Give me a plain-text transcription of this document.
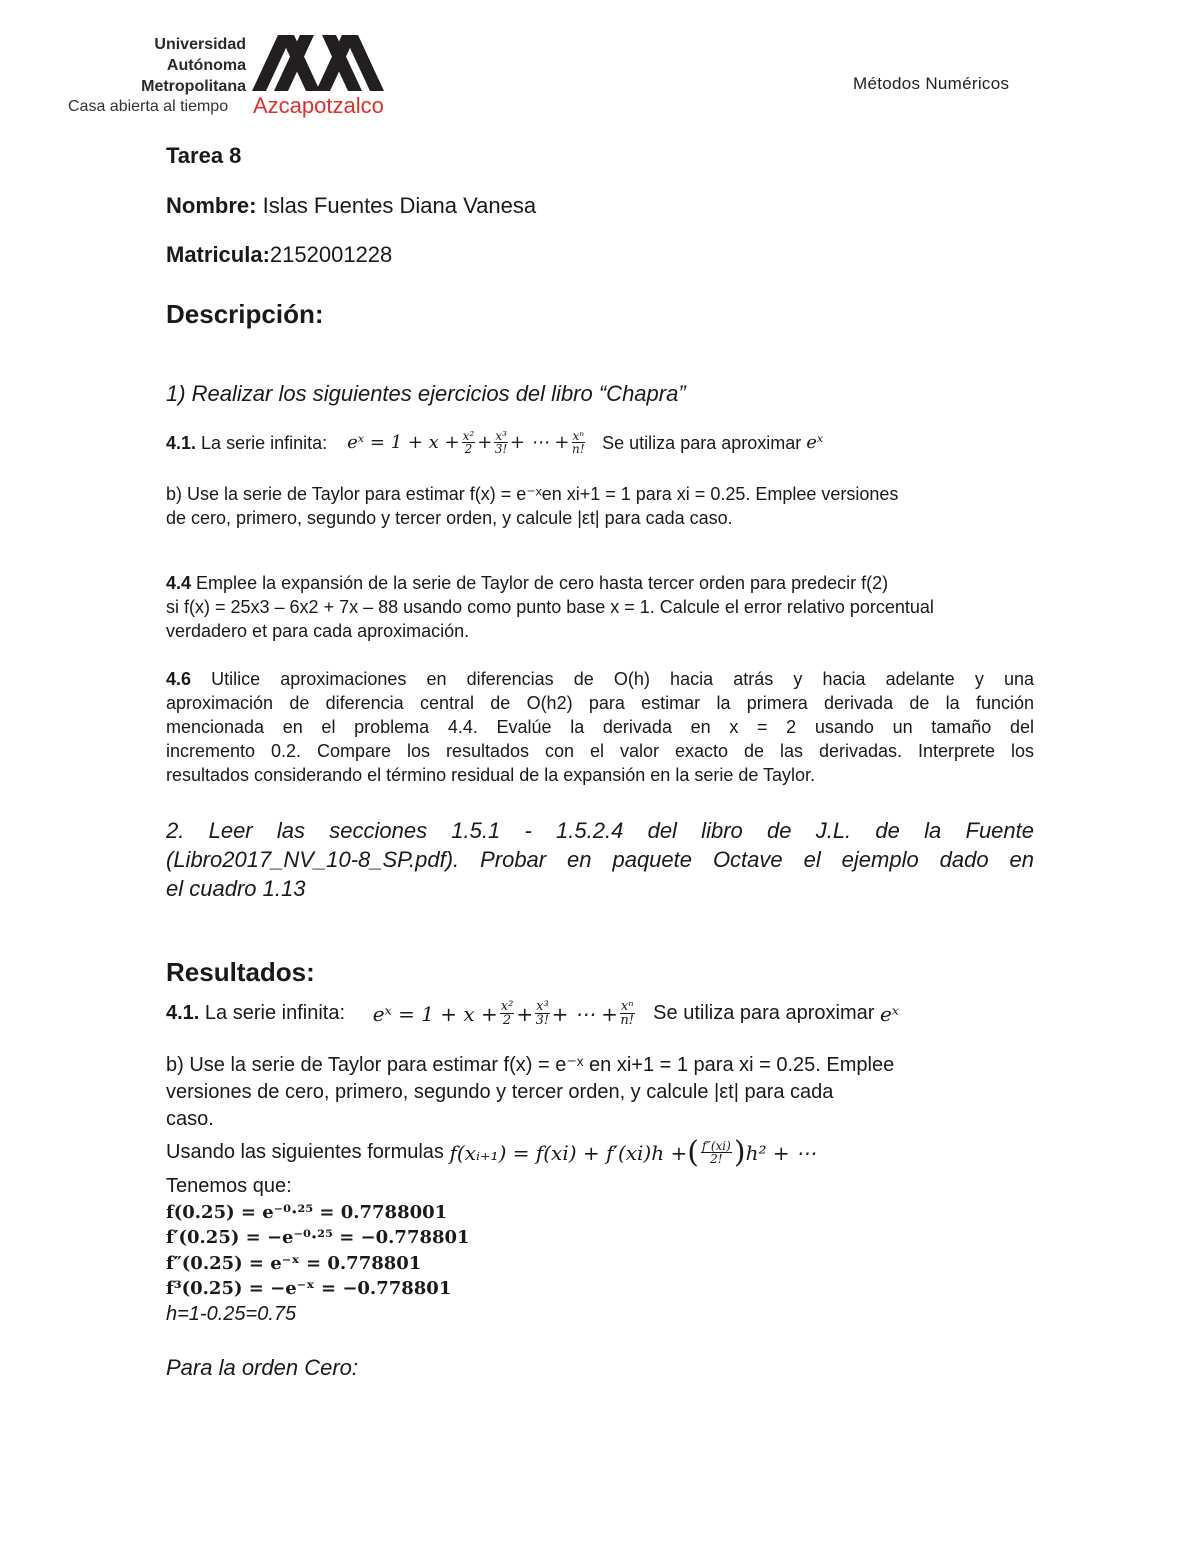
Universidad
Autónoma
Metropolitana
Casa abierta al tiempo Azcapotzalco
Métodos Numéricos
Tarea 8
Nombre: Islas Fuentes Diana Vanesa
Matricula:2152001228
Descripción:
1) Realizar los siguientes ejercicios del libro “Chapra”
4.1.
La serie infinita:
eˣ = $1 + x + \frac{\text{x²}}{2} + \frac{\text{x³}}{3!}$ + ⋯ + $\frac{\text{xⁿ}}{n!}$
Se utiliza para aproximar
eˣ
b) Use la serie de Taylor para estimar f(x) = e⁻ˣen xi+1 = 1 para xi = 0.25. Emplee versiones
de cero, primero, segundo y tercer orden, y calcule |εt| para cada caso.
4.4 Emplee la expansión de la serie de Taylor de cero hasta tercer orden para predecir f(2)
si f(x) = 25x3 – 6x2 + 7x – 88 usando como punto base x = 1. Calcule el error relativo porcentual
verdadero et para cada aproximación.
4.6 Utilice aproximaciones en diferencias de O(h) hacia atrás y hacia adelante y una
aproximación de diferencia central de O(h2) para estimar la primera derivada de la función
mencionada en el problema 4.4. Evalúe la derivada en x = 2 usando un tamaño del
incremento 0.2. Compare los resultados con el valor exacto de las derivadas. Interprete los
resultados considerando el término residual de la expansión en la serie de Taylor.
2. Leer las secciones 1.5.1 - 1.5.2.4 del libro de J.L. de la Fuente
(Libro2017_NV_10-8_SP.pdf). Probar en paquete Octave el ejemplo dado en
el cuadro 1.13
Resultados:
4.1.
La serie infinita:
eˣ = $1 + x + \frac{\text{x²}}{2} + \frac{\text{x³}}{3!}$ + ⋯ + $\frac{\text{xⁿ}}{n!}$
Se utiliza para aproximar
eˣ
b) Use la serie de Taylor para estimar f(x) = e⁻ˣ en xi+1 = 1 para xi = 0.25. Emplee
versiones de cero, primero, segundo y tercer orden, y calcule |εt| para cada
caso.
Usando las siguientes formulas
f(xᵢ₊₁) = f(xi) + f′(xi)h + ( $\frac{f''(xi)}{2!}$ ) h² + ⋯
Tenemos que:
f(0.25) = e⁻⁰·²⁵ = 0.7788001
f′(0.25) = −e⁻⁰·²⁵ = −0.778801
f″(0.25) = e⁻ˣ = 0.778801
f³(0.25) = −e⁻ˣ = −0.778801
h=1-0.25=0.75
Para la orden Cero:
